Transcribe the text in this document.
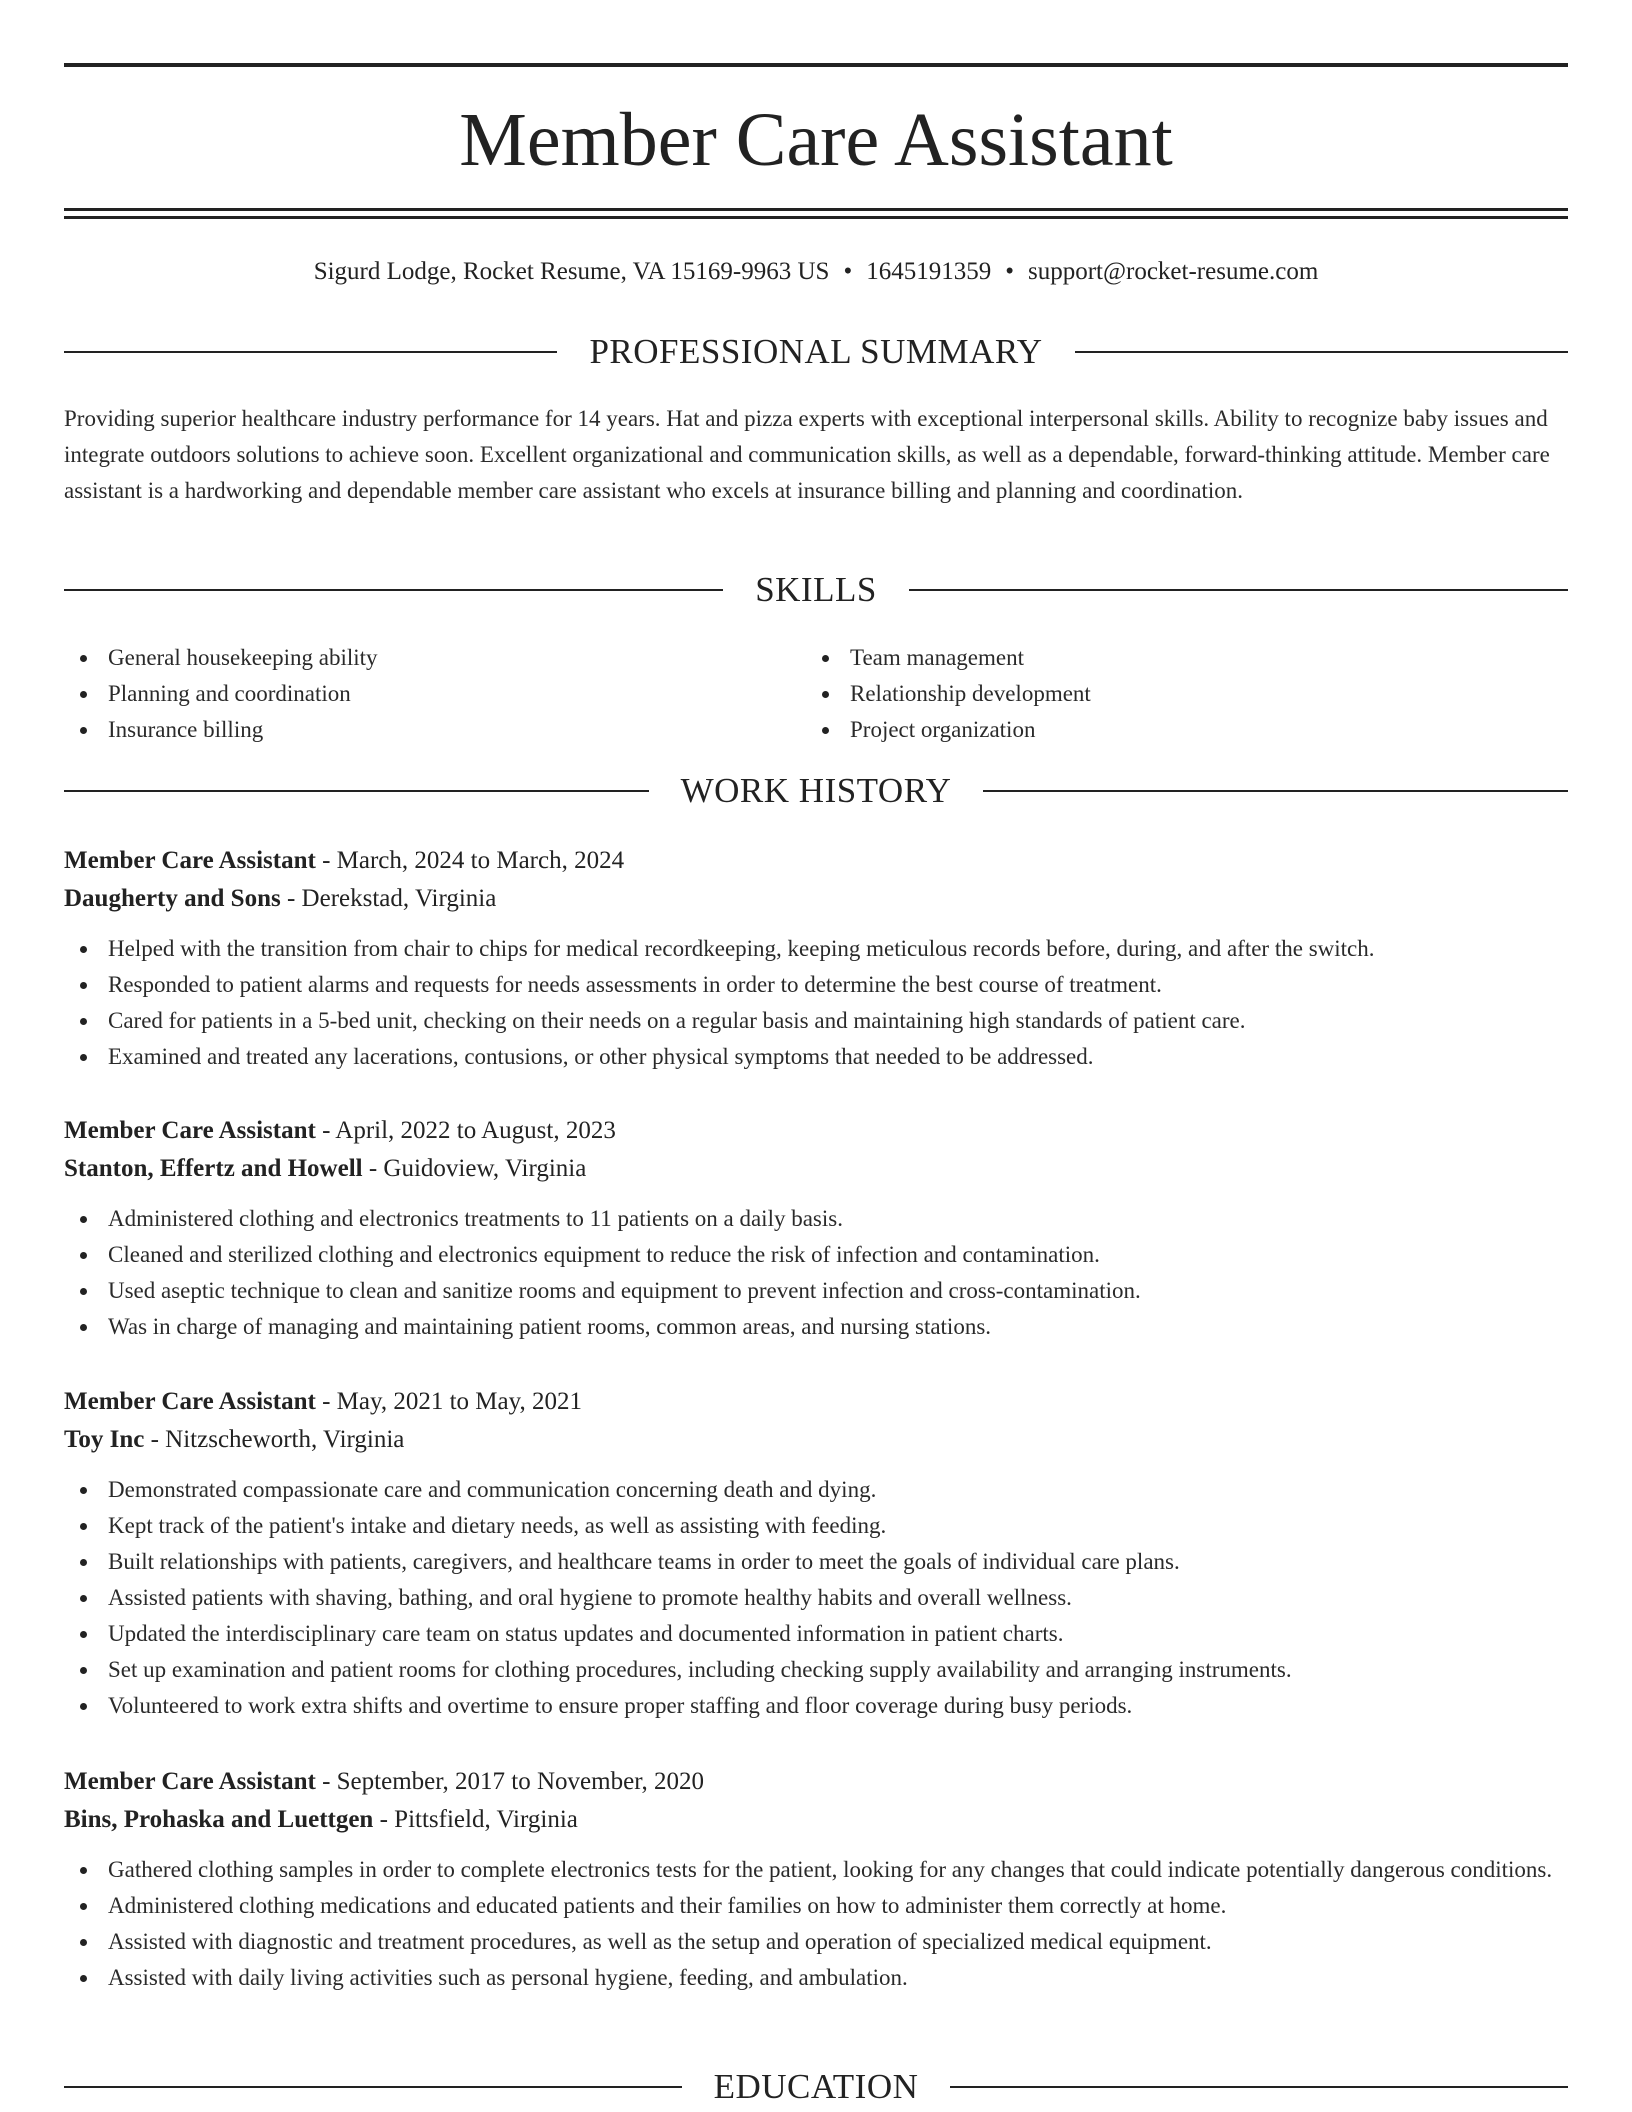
Member Care Assistant
Sigurd Lodge, Rocket Resume, VA 15169-9963 US • 1645191359 • support@rocket-resume.com
PROFESSIONAL SUMMARY

Providing superior healthcare industry performance for 14 years. Hat and pizza experts with exceptional interpersonal skills. Ability to recognize baby issues and integrate outdoors solutions to achieve soon. Excellent organizational and communication skills, as well as a dependable, forward-thinking attitude. Member care assistant is a hardworking and dependable member care assistant who excels at insurance billing and planning and coordination.

SKILLS
General housekeeping ability
Planning and coordination
Insurance billing
Team management
Relationship development
Project organization
WORK HISTORY
Member Care Assistant - March, 2024 to March, 2024
Daugherty and Sons - Derekstad, Virginia
Helped with the transition from chair to chips for medical recordkeeping, keeping meticulous records before, during, and after the switch.
Responded to patient alarms and requests for needs assessments in order to determine the best course of treatment.
Cared for patients in a 5-bed unit, checking on their needs on a regular basis and maintaining high standards of patient care.
Examined and treated any lacerations, contusions, or other physical symptoms that needed to be addressed.
Member Care Assistant - April, 2022 to August, 2023
Stanton, Effertz and Howell - Guidoview, Virginia
Administered clothing and electronics treatments to 11 patients on a daily basis.
Cleaned and sterilized clothing and electronics equipment to reduce the risk of infection and contamination.
Used aseptic technique to clean and sanitize rooms and equipment to prevent infection and cross-contamination.
Was in charge of managing and maintaining patient rooms, common areas, and nursing stations.
Member Care Assistant - May, 2021 to May, 2021
Toy Inc - Nitzscheworth, Virginia
Demonstrated compassionate care and communication concerning death and dying.
Kept track of the patient's intake and dietary needs, as well as assisting with feeding.
Built relationships with patients, caregivers, and healthcare teams in order to meet the goals of individual care plans.
Assisted patients with shaving, bathing, and oral hygiene to promote healthy habits and overall wellness.
Updated the interdisciplinary care team on status updates and documented information in patient charts.
Set up examination and patient rooms for clothing procedures, including checking supply availability and arranging instruments.
Volunteered to work extra shifts and overtime to ensure proper staffing and floor coverage during busy periods.
Member Care Assistant - September, 2017 to November, 2020
Bins, Prohaska and Luettgen - Pittsfield, Virginia
Gathered clothing samples in order to complete electronics tests for the patient, looking for any changes that could indicate potentially dangerous conditions.
Administered clothing medications and educated patients and their families on how to administer them correctly at home.
Assisted with diagnostic and treatment procedures, as well as the setup and operation of specialized medical equipment.
Assisted with daily living activities such as personal hygiene, feeding, and ambulation.
EDUCATION
